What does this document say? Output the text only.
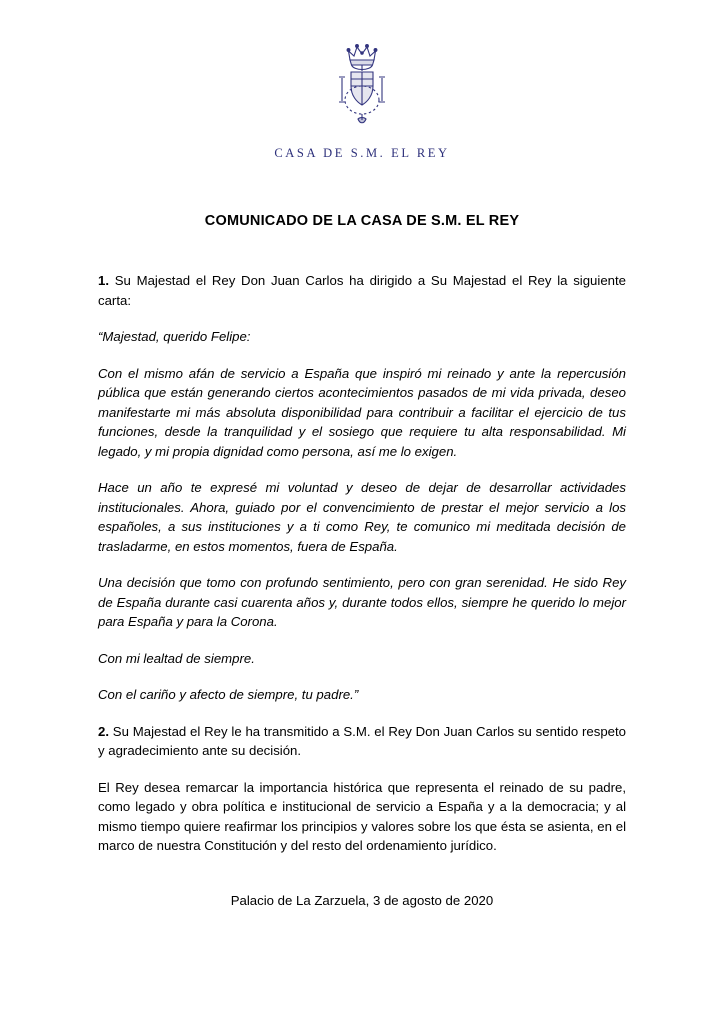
CASA DE S.M. EL REY
COMUNICADO DE LA CASA DE S.M. EL REY

1. Su Majestad el Rey Don Juan Carlos ha dirigido a Su Majestad el Rey la siguiente carta:

“Majestad, querido Felipe:

Con el mismo afán de servicio a España que inspiró mi reinado y ante la repercusión pública que están generando ciertos acontecimientos pasados de mi vida privada, deseo manifestarte mi más absoluta disponibilidad para contribuir a facilitar el ejercicio de tus funciones, desde la tranquilidad y el sosiego que requiere tu alta responsabilidad. Mi legado, y mi propia dignidad como persona, así me lo exigen.

Hace un año te expresé mi voluntad y deseo de dejar de desarrollar actividades institucionales. Ahora, guiado por el convencimiento de prestar el mejor servicio a los españoles, a sus instituciones y a ti como Rey, te comunico mi meditada decisión de trasladarme, en estos momentos, fuera de España.

Una decisión que tomo con profundo sentimiento, pero con gran serenidad. He sido Rey de España durante casi cuarenta años y, durante todos ellos, siempre he querido lo mejor para España y para la Corona.

Con mi lealtad de siempre.

Con el cariño y afecto de siempre, tu padre.”

2. Su Majestad el Rey le ha transmitido a S.M. el Rey Don Juan Carlos su sentido respeto y agradecimiento ante su decisión.

El Rey desea remarcar la importancia histórica que representa el reinado de su padre, como legado y obra política e institucional de servicio a España y a la democracia; y al mismo tiempo quiere reafirmar los principios y valores sobre los que ésta se asienta, en el marco de nuestra Constitución y del resto del ordenamiento jurídico.

Palacio de La Zarzuela, 3 de agosto de 2020
